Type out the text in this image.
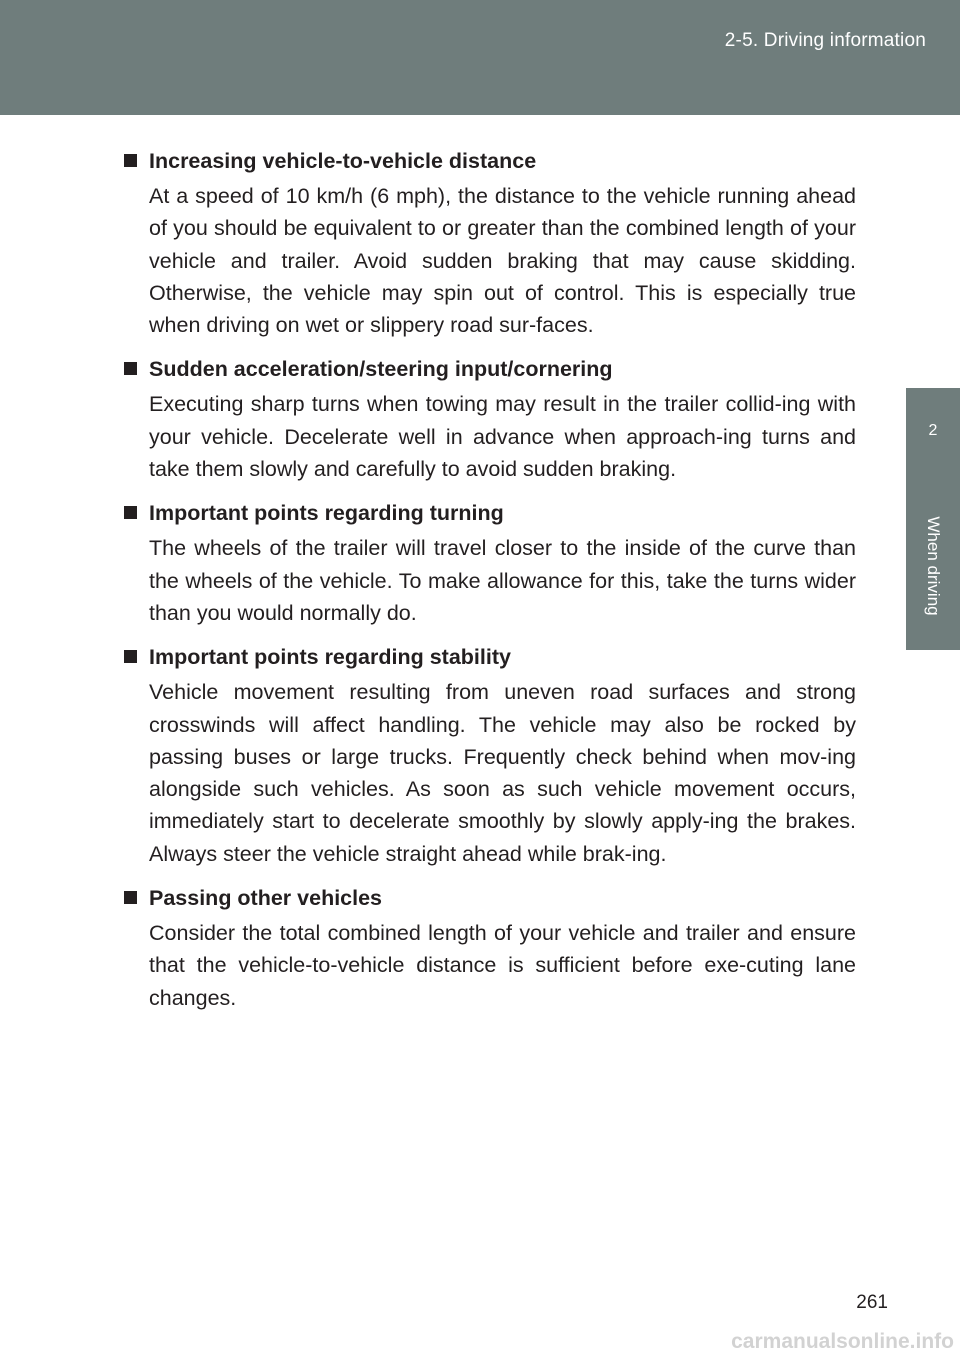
2-5. Driving information
2
When driving
Increasing vehicle-to-vehicle distance

At a speed of 10 km/h (6 mph), the distance to the vehicle running ahead of you should be equivalent to or greater than the combined length of your vehicle and trailer. Avoid sudden braking that may cause skidding. Otherwise, the vehicle may spin out of control. This is especially true when driving on wet or slippery road sur-faces.

Sudden acceleration/steering input/cornering

Executing sharp turns when towing may result in the trailer collid-ing with your vehicle. Decelerate well in advance when approach-ing turns and take them slowly and carefully to avoid sudden braking.

Important points regarding turning

The wheels of the trailer will travel closer to the inside of the curve than the wheels of the vehicle. To make allowance for this, take the turns wider than you would normally do.

Important points regarding stability

Vehicle movement resulting from uneven road surfaces and strong crosswinds will affect handling. The vehicle may also be rocked by passing buses or large trucks. Frequently check behind when mov-ing alongside such vehicles. As soon as such vehicle movement occurs, immediately start to decelerate smoothly by slowly apply-ing the brakes. Always steer the vehicle straight ahead while brak-ing.

Passing other vehicles

Consider the total combined length of your vehicle and trailer and ensure that the vehicle-to-vehicle distance is sufficient before exe-cuting lane changes.

261
carmanualsonline.info
